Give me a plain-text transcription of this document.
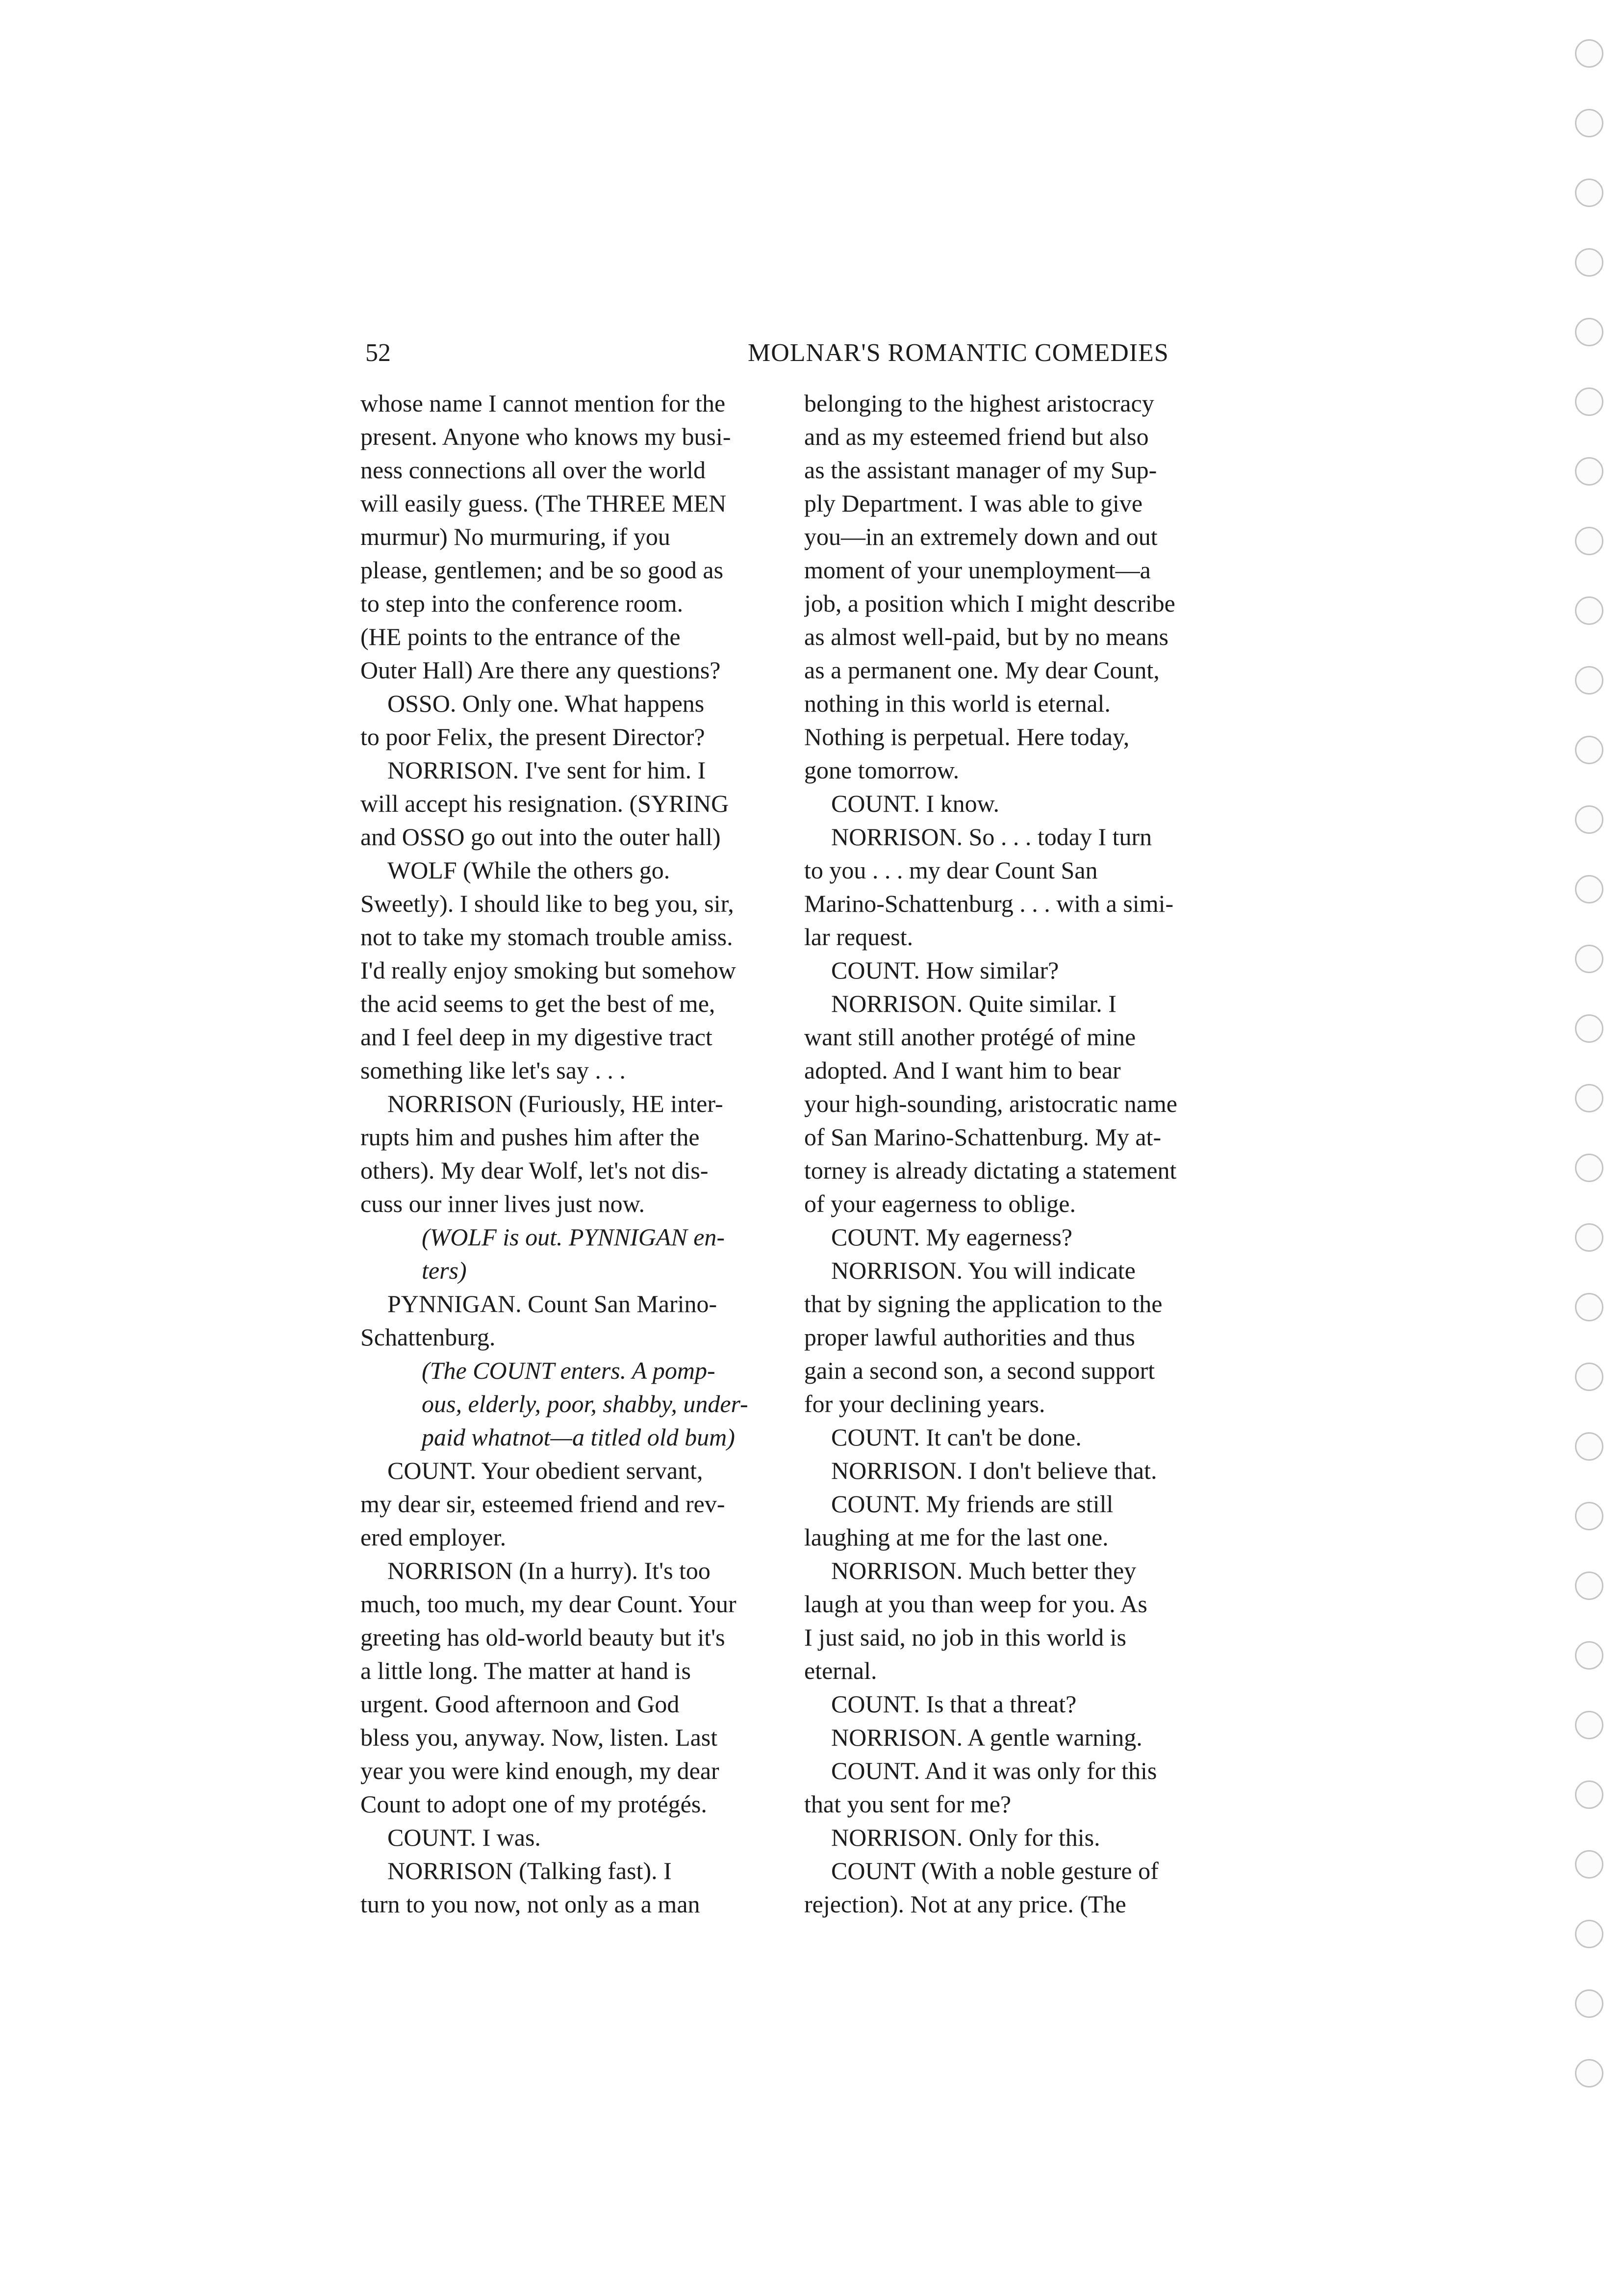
52	MOLNAR'S ROMANTIC COMEDIES
whose name I cannot mention for the
present. Anyone who knows my busi-
ness connections all over the world
will easily guess. (The THREE MEN
murmur) No murmuring, if you
please, gentlemen; and be so good as
to step into the conference room.
(HE points to the entrance of the
Outer Hall) Are there any questions?
OSSO. Only one. What happens
to poor Felix, the present Director?
NORRISON. I've sent for him. I
will accept his resignation. (SYRING
and OSSO go out into the outer hall)
WOLF (While the others go.
Sweetly). I should like to beg you, sir,
not to take my stomach trouble amiss.
I'd really enjoy smoking but somehow
the acid seems to get the best of me,
and I feel deep in my digestive tract
something like let's say . . .
NORRISON (Furiously, HE inter-
rupts him and pushes him after the
others). My dear Wolf, let's not dis-
cuss our inner lives just now.
(WOLF is out. PYNNIGAN en-
ters)
PYNNIGAN. Count San Marino-
Schattenburg.
(The COUNT enters. A pomp-
ous, elderly, poor, shabby, under-
paid whatnot—a titled old bum)
COUNT. Your obedient servant,
my dear sir, esteemed friend and rev-
ered employer.
NORRISON (In a hurry). It's too
much, too much, my dear Count. Your
greeting has old-world beauty but it's
a little long. The matter at hand is
urgent. Good afternoon and God
bless you, anyway. Now, listen. Last
year you were kind enough, my dear
Count to adopt one of my protégés.
COUNT. I was.
NORRISON (Talking fast). I
turn to you now, not only as a man
belonging to the highest aristocracy
and as my esteemed friend but also
as the assistant manager of my Sup-
ply Department. I was able to give
you—in an extremely down and out
moment of your unemployment—a
job, a position which I might describe
as almost well-paid, but by no means
as a permanent one. My dear Count,
nothing in this world is eternal.
Nothing is perpetual. Here today,
gone tomorrow.
COUNT. I know.
NORRISON. So . . . today I turn
to you . . . my dear Count San
Marino-Schattenburg . . . with a simi-
lar request.
COUNT. How similar?
NORRISON. Quite similar. I
want still another protégé of mine
adopted. And I want him to bear
your high-sounding, aristocratic name
of San Marino-Schattenburg. My at-
torney is already dictating a statement
of your eagerness to oblige.
COUNT. My eagerness?
NORRISON. You will indicate
that by signing the application to the
proper lawful authorities and thus
gain a second son, a second support
for your declining years.
COUNT. It can't be done.
NORRISON. I don't believe that.
COUNT. My friends are still
laughing at me for the last one.
NORRISON. Much better they
laugh at you than weep for you. As
I just said, no job in this world is
eternal.
COUNT. Is that a threat?
NORRISON. A gentle warning.
COUNT. And it was only for this
that you sent for me?
NORRISON. Only for this.
COUNT (With a noble gesture of
rejection). Not at any price. (The
